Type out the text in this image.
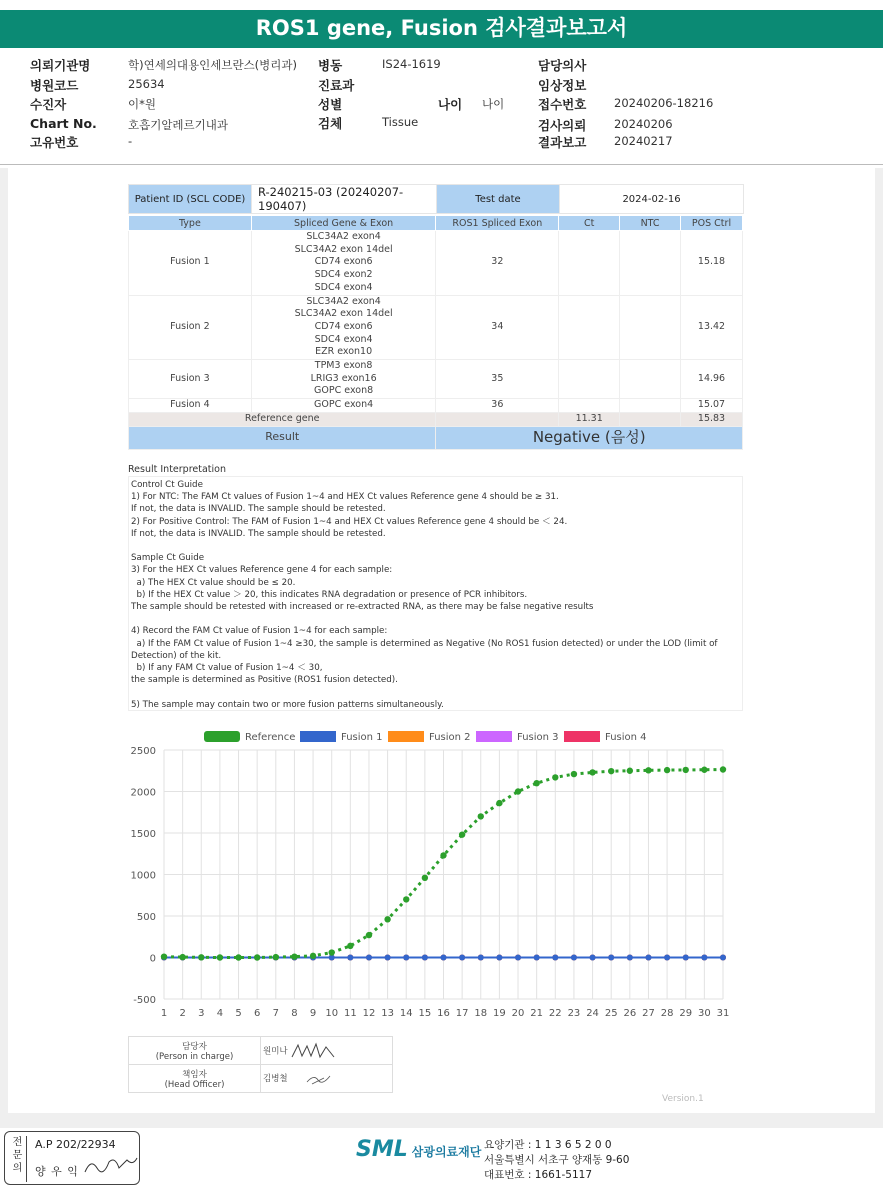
ROS1 gene, Fusion 검사결과보고서
의뢰기관명	학)연세의대용인세브란스(병리과) 병동	IS24-1619	담당의사
병원코드	25634	진료과	임상정보
수진자	이*원	성별	나이 나이	접수번호 20240206-18216
Chart No.	호흡기알레르기내과	검체	Tissue	검사의뢰 20240206
고유번호	-	결과보고 20240217
Patient ID (SCL CODE)	R-240215-03 (20240207-190407)	Test date	2024-02-16
Type	Spliced Gene & Exon	ROS1 Spliced Exon	Ct	NTC	POS Ctrl
Fusion 1	SLC34A2 exon4
SLC34A2 exon 14del
CD74 exon6
SDC4 exon2
SDC4 exon4	32			15.18
Fusion 2	SLC34A2 exon4
SLC34A2 exon 14del
CD74 exon6
SDC4 exon4
EZR exon10	34			13.42
Fusion 3	TPM3 exon8
LRIG3 exon16
GOPC exon8	35			14.96
Fusion 4	GOPC exon4	36			15.07
Reference gene			11.31		15.83
Result		Negative (음성)			
Result Interpretation
Control Ct Guide
1) For NTC: The FAM Ct values of Fusion 1~4 and HEX Ct values Reference gene 4 should be ≥ 31.
If not, the data is INVALID. The sample should be retested.
2) For Positive Control: The FAM of Fusion 1~4 and HEX Ct values Reference gene 4 should be ＜ 24.
If not, the data is INVALID. The sample should be retested.

Sample Ct Guide
3) For the HEX Ct values Reference gene 4 for each sample:
a) The HEX Ct value should be ≤ 20.
b) If the HEX Ct value ＞ 20, this indicates RNA degradation or presence of PCR inhibitors.
The sample should be retested with increased or re-extracted RNA, as there may be false negative results

4) Record the FAM Ct value of Fusion 1~4 for each sample:
a) If the FAM Ct value of Fusion 1~4 ≥30, the sample is determined as Negative (No ROS1 fusion detected) or under the LOD (limit of Detection) of the kit.
b) If any FAM Ct value of Fusion 1~4 ＜ 30,
the sample is determined as Positive (ROS1 fusion detected).

5) The sample may contain two or more fusion patterns simultaneously.
Reference	Fusion 1	Fusion 2	Fusion 3	Fusion 4
-500
0
500
1000
1500
2000
2500
1 2 3 4 5 6 7 8 9 10 11 12 13 14 15 16 17 18 19 20 21 22 23 24 25 26 27 28 29 30 31
담당자
(Person in charge)	원미나
책임자
(Head Officer)	김병철
Version.1
전문의
A.P 202/22934
양 우 익
SML 삼광의료재단 요양기관 : 1 1 3 6 5 2 0 0
서울특별시 서초구 양재동 9-60
대표번호 : 1661-5117
